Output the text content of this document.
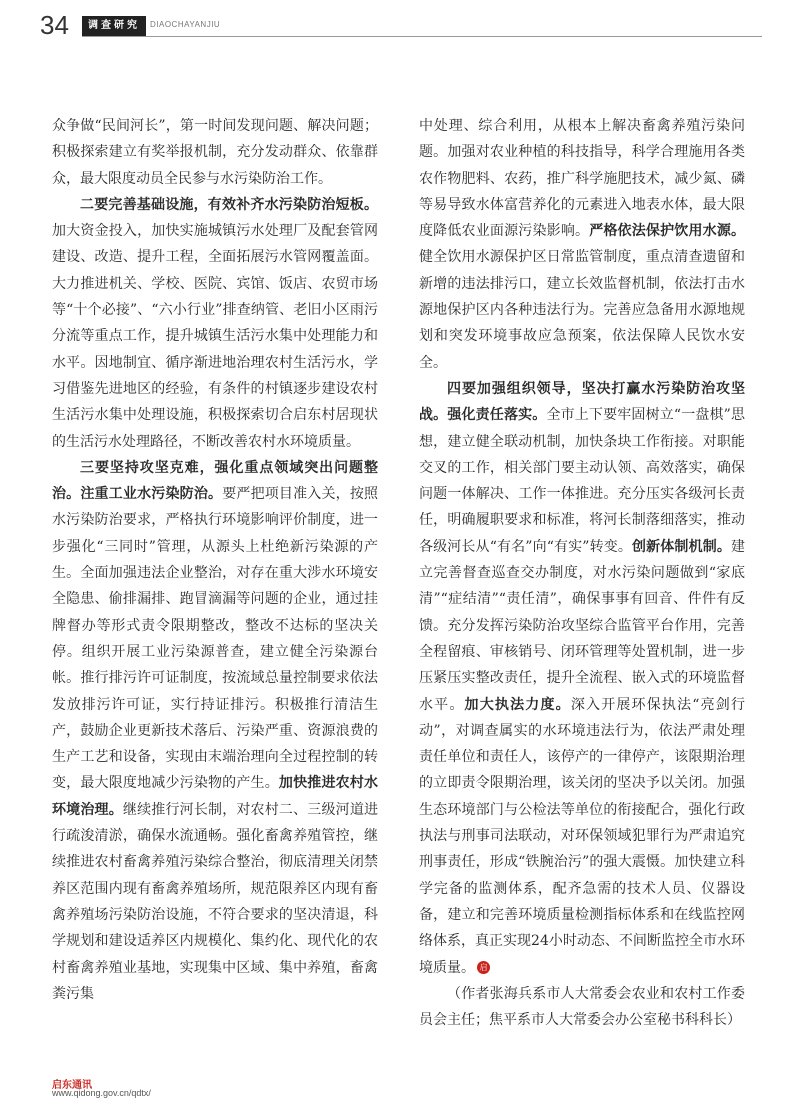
34	调查研究	DIAOCHAYANJIU

众争做“民间河长”，第一时间发现问题、解决问题；积极探索建立有奖举报机制，充分发动群众、依靠群众，最大限度动员全民参与水污染防治工作。

二要完善基础设施，有效补齐水污染防治短板。加大资金投入，加快实施城镇污水处理厂及配套管网建设、改造、提升工程，全面拓展污水管网覆盖面。大力推进机关、学校、医院、宾馆、饭店、农贸市场等“十个必接”、“六小行业”排查纳管、老旧小区雨污分流等重点工作，提升城镇生活污水集中处理能力和水平。因地制宜、循序渐进地治理农村生活污水，学习借鉴先进地区的经验，有条件的村镇逐步建设农村生活污水集中处理设施，积极探索切合启东村居现状的生活污水处理路径，不断改善农村水环境质量。

三要坚持攻坚克难，强化重点领域突出问题整治。注重工业水污染防治。要严把项目准入关，按照水污染防治要求，严格执行环境影响评价制度，进一步强化“三同时”管理，从源头上杜绝新污染源的产生。全面加强违法企业整治，对存在重大涉水环境安全隐患、偷排漏排、跑冒滴漏等问题的企业，通过挂牌督办等形式责令限期整改，整改不达标的坚决关停。组织开展工业污染源普查，建立健全污染源台帐。推行排污许可证制度，按流域总量控制要求依法发放排污许可证，实行持证排污。积极推行清洁生产，鼓励企业更新技术落后、污染严重、资源浪费的生产工艺和设备，实现由末端治理向全过程控制的转变，最大限度地减少污染物的产生。加快推进农村水环境治理。继续推行河长制，对农村二、三级河道进行疏浚清淤，确保水流通畅。强化畜禽养殖管控，继续推进农村畜禽养殖污染综合整治，彻底清理关闭禁养区范围内现有畜禽养殖场所，规范限养区内现有畜禽养殖场污染防治设施，不符合要求的坚决清退，科学规划和建设适养区内规模化、集约化、现代化的农村畜禽养殖业基地，实现集中区域、集中养殖，畜禽粪污集

中处理、综合利用，从根本上解决畜禽养殖污染问题。加强对农业种植的科技指导，科学合理施用各类农作物肥料、农药，推广科学施肥技术，减少氮、磷等易导致水体富营养化的元素进入地表水体，最大限度降低农业面源污染影响。严格依法保护饮用水源。健全饮用水源保护区日常监管制度，重点清查遗留和新增的违法排污口，建立长效监督机制，依法打击水源地保护区内各种违法行为。完善应急备用水源地规划和突发环境事故应急预案，依法保障人民饮水安全。

四要加强组织领导，坚决打赢水污染防治攻坚战。强化责任落实。全市上下要牢固树立“一盘棋”思想，建立健全联动机制，加快条块工作衔接。对职能交叉的工作，相关部门要主动认领、高效落实，确保问题一体解决、工作一体推进。充分压实各级河长责任，明确履职要求和标准，将河长制落细落实，推动各级河长从“有名”向“有实”转变。创新体制机制。建立完善督查巡查交办制度，对水污染问题做到“家底清”“症结清”“责任清”，确保事事有回音、件件有反馈。充分发挥污染防治攻坚综合监管平台作用，完善全程留痕、审核销号、闭环管理等处置机制，进一步压紧压实整改责任，提升全流程、嵌入式的环境监督水平。加大执法力度。深入开展环保执法“亮剑行动”，对调查属实的水环境违法行为，依法严肃处理责任单位和责任人，该停产的一律停产，该限期治理的立即责令限期治理，该关闭的坚决予以关闭。加强生态环境部门与公检法等单位的衔接配合，强化行政执法与刑事司法联动，对环保领域犯罪行为严肃追究刑事责任，形成“铁腕治污”的强大震慑。加快建立科学完备的监测体系，配齐急需的技术人员、仪器设备，建立和完善环境质量检测指标体系和在线监控网络体系，真正实现24小时动态、不间断监控全市水环境质量。 启

（作者张海兵系市人大常委会农业和农村工作委员会主任；焦平系市人大常委会办公室秘书科科长）

启东通讯
www.qidong.gov.cn/qdtx/
